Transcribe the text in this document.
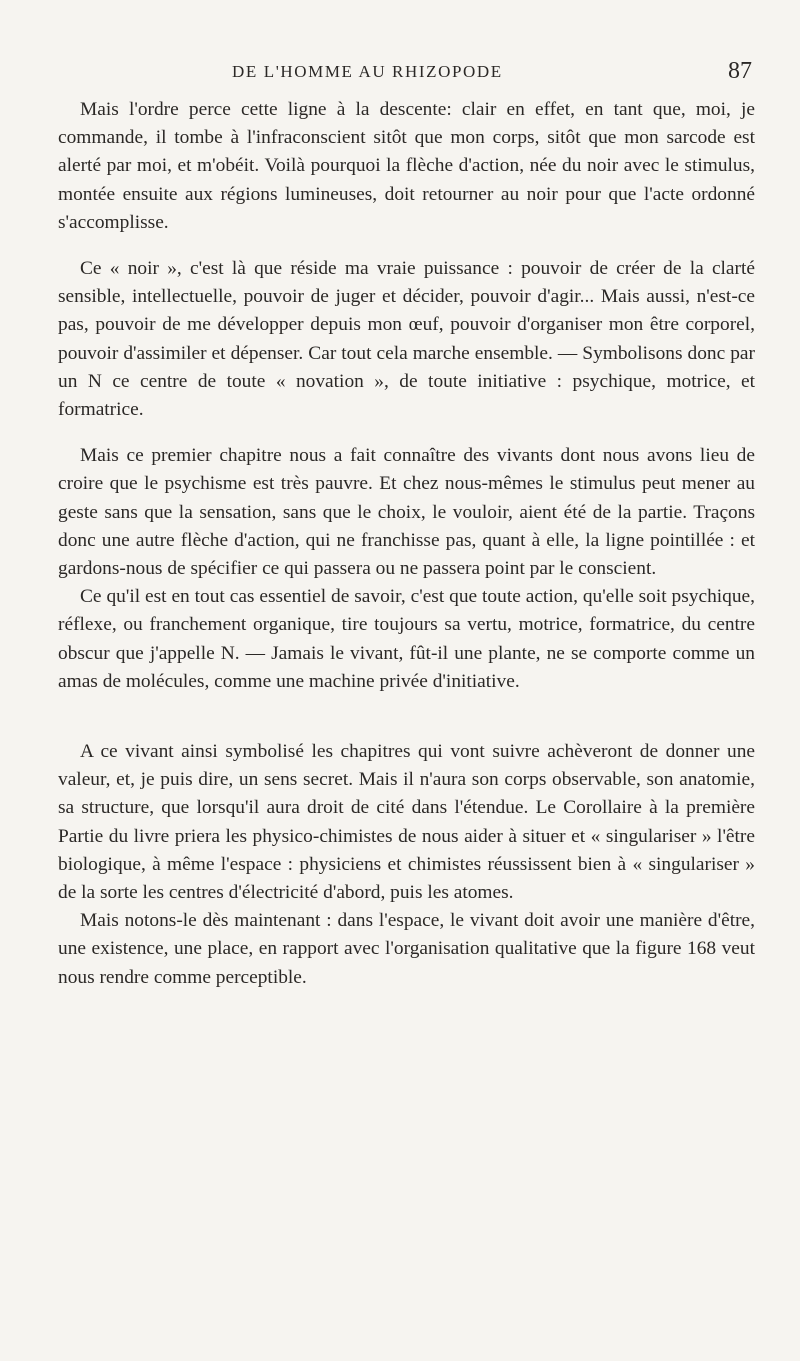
DE L'HOMME AU RHIZOPODE	87

Mais l'ordre perce cette ligne à la descente: clair en effet, en tant que, moi, je commande, il tombe à l'infraconscient sitôt que mon corps, sitôt que mon sarcode est alerté par moi, et m'obéit. Voilà pourquoi la flèche d'action, née du noir avec le stimulus, montée ensuite aux régions lumineuses, doit retourner au noir pour que l'acte ordonné s'accomplisse.

Ce « noir », c'est là que réside ma vraie puissance : pouvoir de créer de la clarté sensible, intellectuelle, pouvoir de juger et décider, pouvoir d'agir... Mais aussi, n'est-ce pas, pouvoir de me développer depuis mon œuf, pouvoir d'organiser mon être corporel, pouvoir d'assimiler et dépenser. Car tout cela marche ensemble. — Symbolisons donc par un N ce centre de toute « novation », de toute initiative : psychique, motrice, et formatrice.

Mais ce premier chapitre nous a fait connaître des vivants dont nous avons lieu de croire que le psychisme est très pauvre. Et chez nous-mêmes le stimulus peut mener au geste sans que la sensation, sans que le choix, le vouloir, aient été de la partie. Traçons donc une autre flèche d'action, qui ne franchisse pas, quant à elle, la ligne pointillée : et gardons-nous de spécifier ce qui passera ou ne passera point par le conscient.

Ce qu'il est en tout cas essentiel de savoir, c'est que toute action, qu'elle soit psychique, réflexe, ou franchement organique, tire toujours sa vertu, motrice, formatrice, du centre obscur que j'appelle N. — Jamais le vivant, fût-il une plante, ne se comporte comme un amas de molécules, comme une machine privée d'initiative.

A ce vivant ainsi symbolisé les chapitres qui vont suivre achèveront de donner une valeur, et, je puis dire, un sens secret. Mais il n'aura son corps observable, son anatomie, sa structure, que lorsqu'il aura droit de cité dans l'étendue. Le Corollaire à la première Partie du livre priera les physico-chimistes de nous aider à situer et « singulariser » l'être biologique, à même l'espace : physiciens et chimistes réussissent bien à « singulariser » de la sorte les centres d'électricité d'abord, puis les atomes.

Mais notons-le dès maintenant : dans l'espace, le vivant doit avoir une manière d'être, une existence, une place, en rapport avec l'organisation qualitative que la figure 168 veut nous rendre comme perceptible.
